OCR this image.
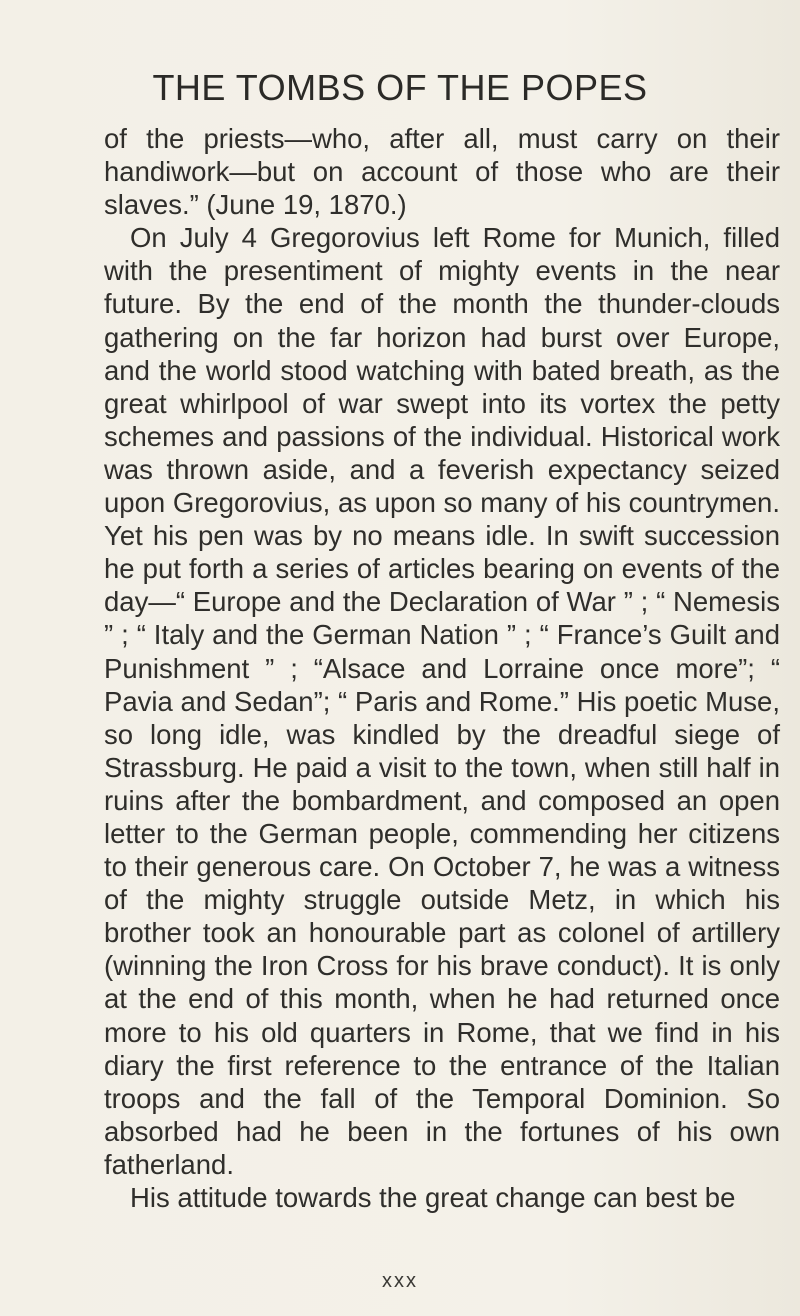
THE TOMBS OF THE POPES

of the priests—who, after all, must carry on their handiwork—but on account of those who are their slaves.” (June 19, 1870.)

On July 4 Gregorovius left Rome for Munich, filled with the presentiment of mighty events in the near future. By the end of the month the thunder-clouds gathering on the far horizon had burst over Europe, and the world stood watching with bated breath, as the great whirlpool of war swept into its vortex the petty schemes and passions of the individual. Historical work was thrown aside, and a feverish expectancy seized upon Gregorovius, as upon so many of his countrymen. Yet his pen was by no means idle. In swift succession he put forth a series of articles bearing on events of the day—“ Europe and the Declaration of War ” ; “ Nemesis ” ; “ Italy and the German Nation ” ; “ France’s Guilt and Punishment ” ; “Alsace and Lorraine once more”; “ Pavia and Sedan”; “ Paris and Rome.” His poetic Muse, so long idle, was kindled by the dreadful siege of Strassburg. He paid a visit to the town, when still half in ruins after the bombardment, and composed an open letter to the German people, commending her citizens to their generous care. On October 7, he was a witness of the mighty struggle outside Metz, in which his brother took an honourable part as colonel of artillery (winning the Iron Cross for his brave conduct). It is only at the end of this month, when he had returned once more to his old quarters in Rome, that we find in his diary the first reference to the entrance of the Italian troops and the fall of the Temporal Dominion. So absorbed had he been in the fortunes of his own fatherland.

His attitude towards the great change can best be

xxx
